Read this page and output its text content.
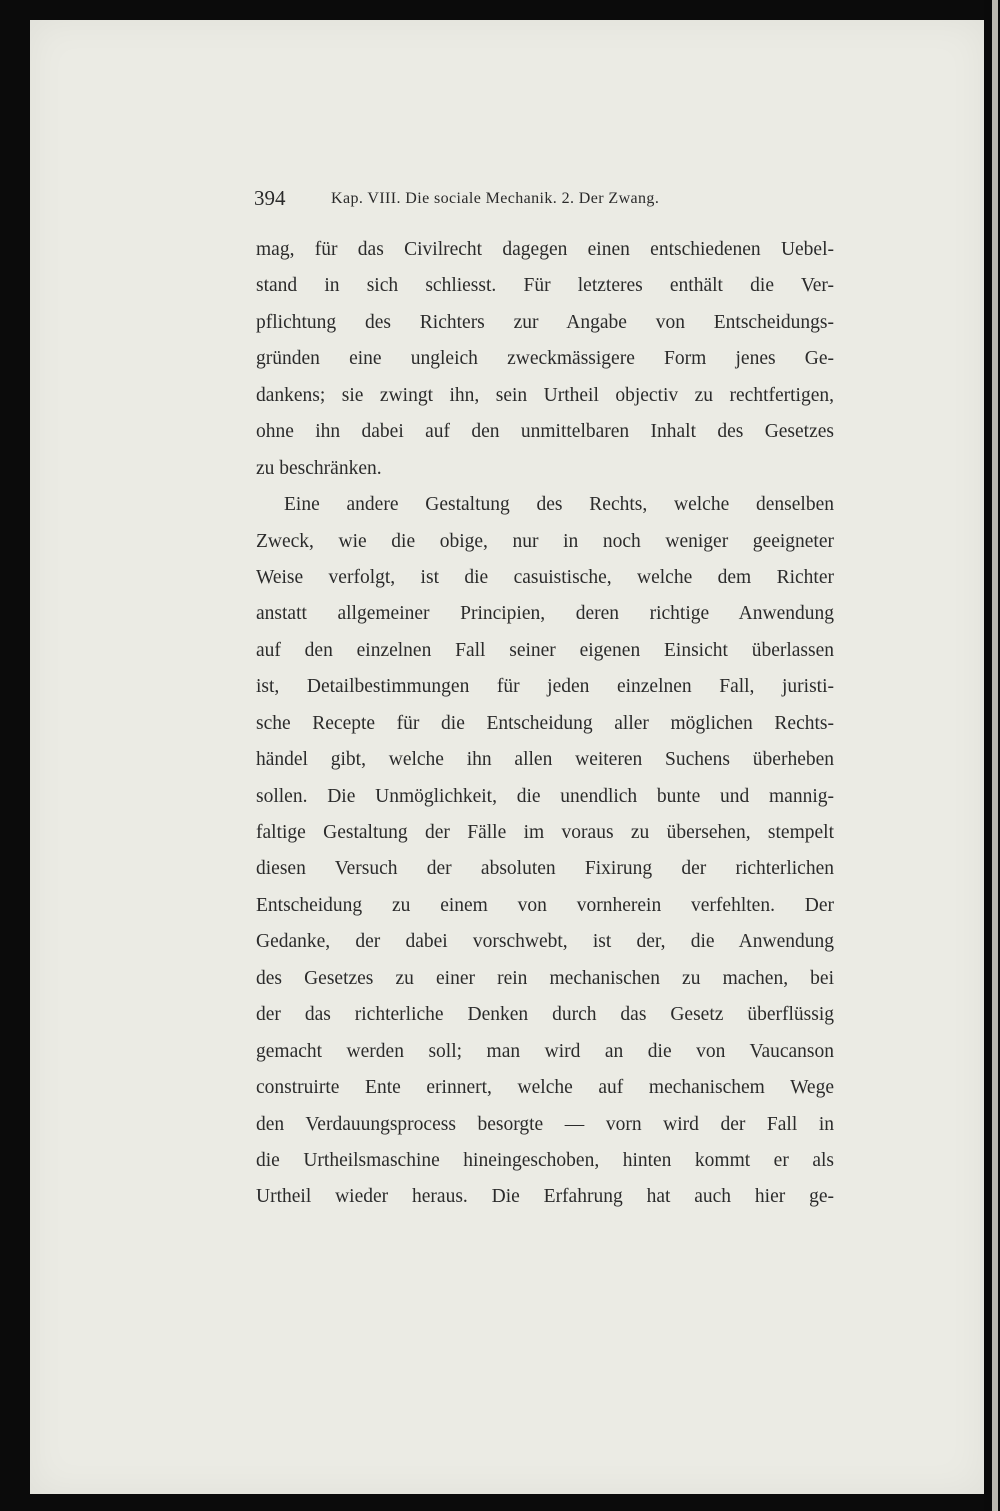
394	Kap. VIII. Die sociale Mechanik. 2. Der Zwang.
mag, für das Civilrecht dagegen einen entschiedenen Uebel-
stand in sich schliesst. Für letzteres enthält die Ver-
pflichtung des Richters zur Angabe von Entscheidungs-
gründen eine ungleich zweckmässigere Form jenes Ge-
dankens; sie zwingt ihn, sein Urtheil objectiv zu rechtfertigen,
ohne ihn dabei auf den unmittelbaren Inhalt des Gesetzes
zu beschränken.
Eine andere Gestaltung des Rechts, welche denselben
Zweck, wie die obige, nur in noch weniger geeigneter
Weise verfolgt, ist die casuistische, welche dem Richter
anstatt allgemeiner Principien, deren richtige Anwendung
auf den einzelnen Fall seiner eigenen Einsicht überlassen
ist, Detailbestimmungen für jeden einzelnen Fall, juristi-
sche Recepte für die Entscheidung aller möglichen Rechts-
händel gibt, welche ihn allen weiteren Suchens überheben
sollen. Die Unmöglichkeit, die unendlich bunte und mannig-
faltige Gestaltung der Fälle im voraus zu übersehen, stempelt
diesen Versuch der absoluten Fixirung der richterlichen
Entscheidung zu einem von vornherein verfehlten. Der
Gedanke, der dabei vorschwebt, ist der, die Anwendung
des Gesetzes zu einer rein mechanischen zu machen, bei
der das richterliche Denken durch das Gesetz überflüssig
gemacht werden soll; man wird an die von Vaucanson
construirte Ente erinnert, welche auf mechanischem Wege
den Verdauungsprocess besorgte — vorn wird der Fall in
die Urtheilsmaschine hineingeschoben, hinten kommt er als
Urtheil wieder heraus. Die Erfahrung hat auch hier ge-
